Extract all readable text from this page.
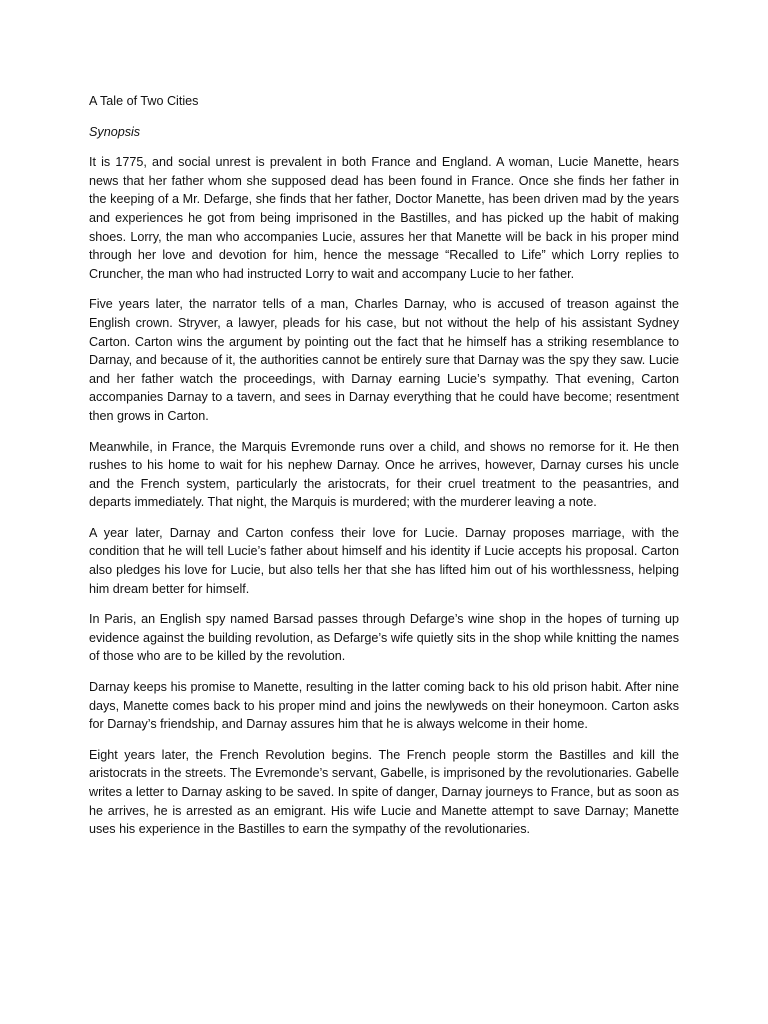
A Tale of Two Cities

Synopsis

It is 1775, and social unrest is prevalent in both France and England. A woman, Lucie Manette, hears news that her father whom she supposed dead has been found in France. Once she finds her father in the keeping of a Mr. Defarge, she finds that her father, Doctor Manette, has been driven mad by the years and experiences he got from being imprisoned in the Bastilles, and has picked up the habit of making shoes. Lorry, the man who accompanies Lucie, assures her that Manette will be back in his proper mind through her love and devotion for him, hence the message “Recalled to Life” which Lorry replies to Cruncher, the man who had instructed Lorry to wait and accompany Lucie to her father.

Five years later, the narrator tells of a man, Charles Darnay, who is accused of treason against the English crown. Stryver, a lawyer, pleads for his case, but not without the help of his assistant Sydney Carton. Carton wins the argument by pointing out the fact that he himself has a striking resemblance to Darnay, and because of it, the authorities cannot be entirely sure that Darnay was the spy they saw. Lucie and her father watch the proceedings, with Darnay earning Lucie’s sympathy. That evening, Carton accompanies Darnay to a tavern, and sees in Darnay everything that he could have become; resentment then grows in Carton.

Meanwhile, in France, the Marquis Evremonde runs over a child, and shows no remorse for it. He then rushes to his home to wait for his nephew Darnay. Once he arrives, however, Darnay curses his uncle and the French system, particularly the aristocrats, for their cruel treatment to the peasantries, and departs immediately. That night, the Marquis is murdered; with the murderer leaving a note.

A year later, Darnay and Carton confess their love for Lucie. Darnay proposes marriage, with the condition that he will tell Lucie’s father about himself and his identity if Lucie accepts his proposal. Carton also pledges his love for Lucie, but also tells her that she has lifted him out of his worthlessness, helping him dream better for himself.

In Paris, an English spy named Barsad passes through Defarge’s wine shop in the hopes of turning up evidence against the building revolution, as Defarge’s wife quietly sits in the shop while knitting the names of those who are to be killed by the revolution.

Darnay keeps his promise to Manette, resulting in the latter coming back to his old prison habit. After nine days, Manette comes back to his proper mind and joins the newlyweds on their honeymoon. Carton asks for Darnay’s friendship, and Darnay assures him that he is always welcome in their home.

Eight years later, the French Revolution begins. The French people storm the Bastilles and kill the aristocrats in the streets. The Evremonde’s servant, Gabelle, is imprisoned by the revolutionaries. Gabelle writes a letter to Darnay asking to be saved. In spite of danger, Darnay journeys to France, but as soon as he arrives, he is arrested as an emigrant. His wife Lucie and Manette attempt to save Darnay; Manette uses his experience in the Bastilles to earn the sympathy of the revolutionaries.
